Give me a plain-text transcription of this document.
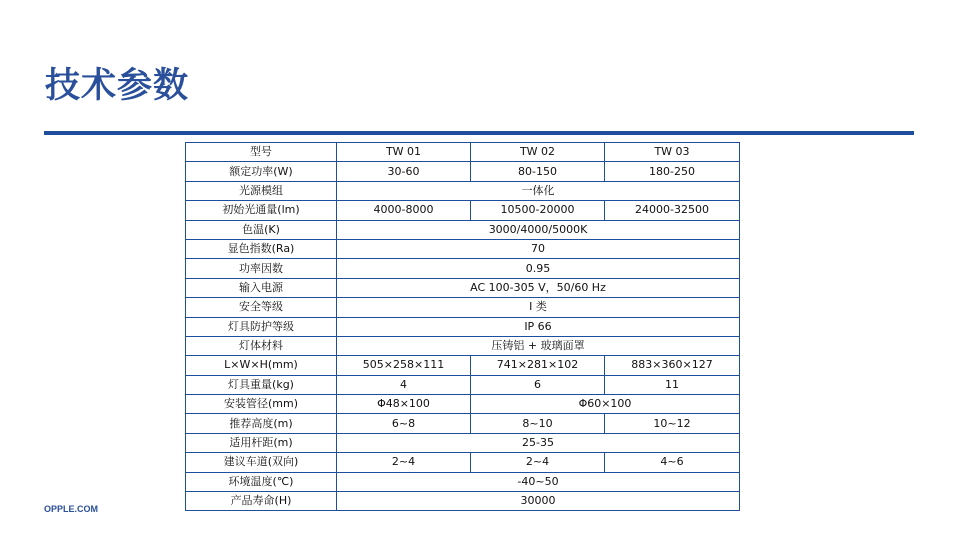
技术参数
型号	TW 01	TW 02	TW 03
额定功率(W)	30-60	80-150	180-250
光源模组	一体化		
初始光通量(lm)	4000-8000	10500-20000	24000-32500
色温(K)	3000/4000/5000K		
显色指数(Ra)	70		
功率因数	0.95		
输入电源	AC 100-305 V，50/60 Hz		
安全等级	I 类		
灯具防护等级	IP 66		
灯体材料	压铸铝 + 玻璃面罩		
L×W×H(mm)	505×258×111	741×281×102	883×360×127
灯具重量(kg)	4	6	11
安装管径(mm)	Φ48×100	Φ60×100	
推荐高度(m)	6~8	8~10	10~12
适用杆距(m)	25-35		
建议车道(双向)	2~4	2~4	4~6
环境温度(℃)	-40~50		
产品寿命(H)	30000		
OPPLE.COM
